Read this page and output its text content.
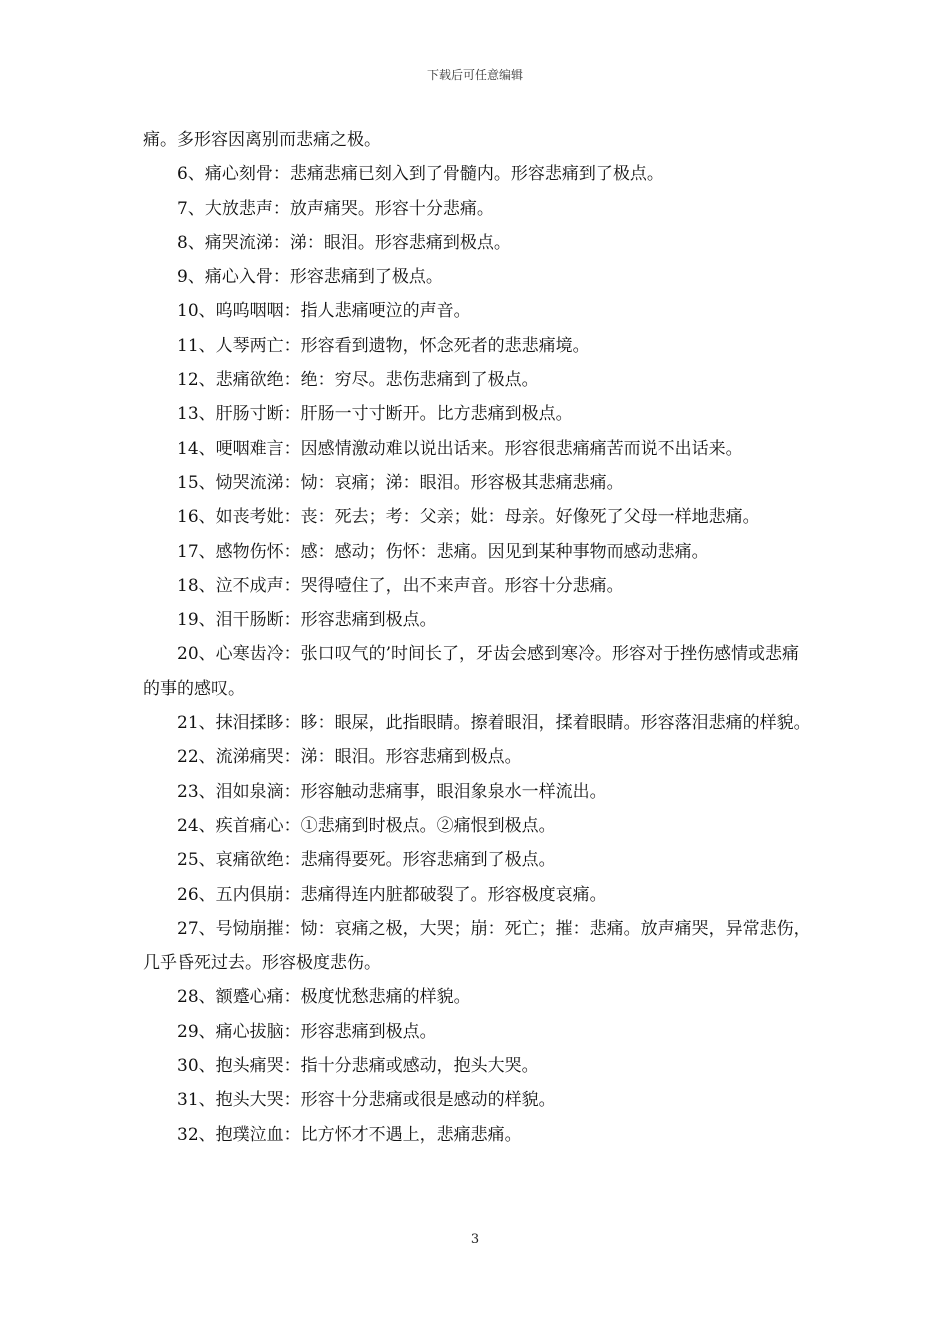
下载后可任意编辑

痛。多形容因离别而悲痛之极。

6、痛心刻骨：悲痛悲痛已刻入到了骨髓内。形容悲痛到了极点。

7、大放悲声：放声痛哭。形容十分悲痛。

8、痛哭流涕：涕：眼泪。形容悲痛到极点。

9、痛心入骨：形容悲痛到了极点。

10、呜呜咽咽：指人悲痛哽泣的声音。

11、人琴两亡：形容看到遗物，怀念死者的悲悲痛境。

12、悲痛欲绝：绝：穷尽。悲伤悲痛到了极点。

13、肝肠寸断：肝肠一寸寸断开。比方悲痛到极点。

14、哽咽难言：因感情激动难以说出话来。形容很悲痛痛苦而说不出话来。

15、恸哭流涕：恸：哀痛；涕：眼泪。形容极其悲痛悲痛。

16、如丧考妣：丧：死去；考：父亲；妣：母亲。好像死了父母一样地悲痛。

17、感物伤怀：感：感动；伤怀：悲痛。因见到某种事物而感动悲痛。

18、泣不成声：哭得噎住了，出不来声音。形容十分悲痛。

19、泪干肠断：形容悲痛到极点。

20、心寒齿冷：张口叹气的’时间长了，牙齿会感到寒冷。形容对于挫伤感情或悲痛的事的感叹。

21、抹泪揉眵：眵：眼屎，此指眼睛。擦着眼泪，揉着眼睛。形容落泪悲痛的样貌。

22、流涕痛哭：涕：眼泪。形容悲痛到极点。

23、泪如泉滴：形容触动悲痛事，眼泪象泉水一样流出。

24、疾首痛心：①悲痛到时极点。②痛恨到极点。

25、哀痛欲绝：悲痛得要死。形容悲痛到了极点。

26、五内俱崩：悲痛得连内脏都破裂了。形容极度哀痛。

27、号恸崩摧：恸：哀痛之极，大哭；崩：死亡；摧：悲痛。放声痛哭，异常悲伤，几乎昏死过去。形容极度悲伤。

28、额蹙心痛：极度忧愁悲痛的样貌。

29、痛心拔脑：形容悲痛到极点。

30、抱头痛哭：指十分悲痛或感动，抱头大哭。

31、抱头大哭：形容十分悲痛或很是感动的样貌。

32、抱璞泣血：比方怀才不遇上，悲痛悲痛。

3
